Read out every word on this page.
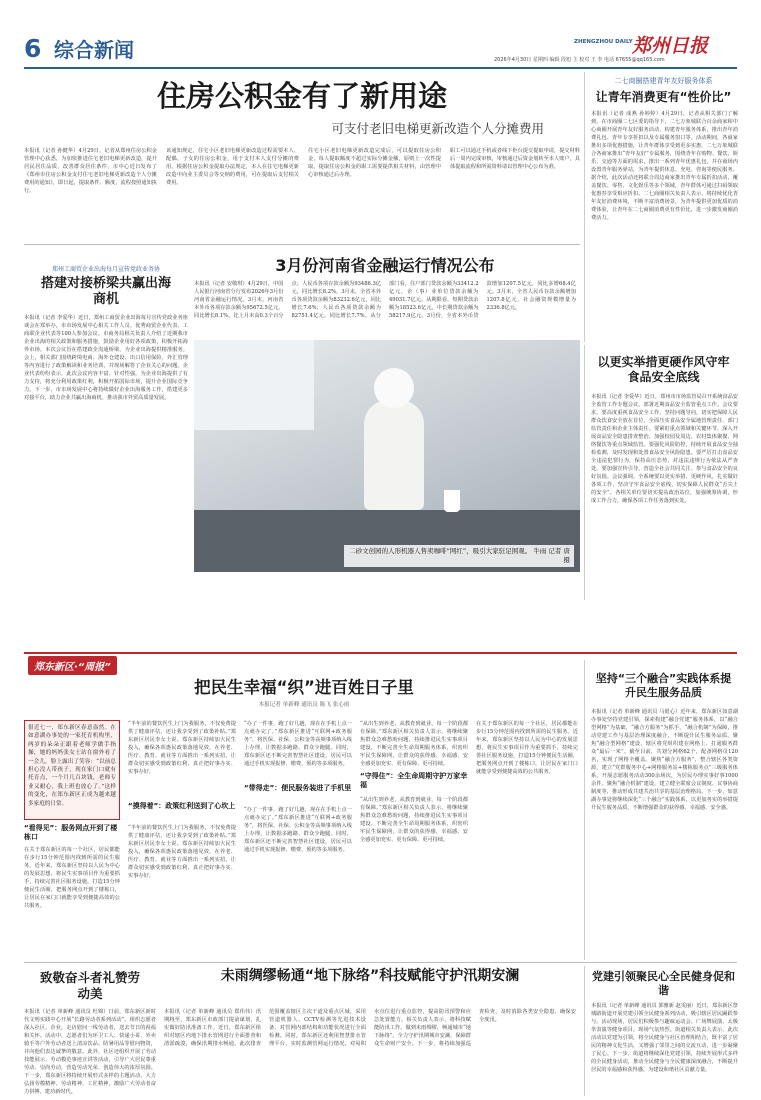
6 综合新闻	ZHENGZHOU DAILY 郑州日报
2026年4月30日 星期四 编辑 段旭 主 校对 王 李 电话 67655@qq165.com
住房公积金有了新用途
可支付老旧电梯更新改造个人分摊费用
本报讯（记者 孙健华）4月29日，记者从郑州住房公积金管理中心获悉，为加快推进住宅老旧电梯更新改造，提升居民居住品质，改善群众居住条件，市中心近日发布了《郑州市住房公积金支付住宅老旧电梯更新改造个人分摊费用的通知》，即日起，提取条件、额度、流程按照通知执行。
该通知规定，住宅小区老旧电梯更新改造过程需要本人、配偶、子女的住房公积金，用于支付本人支付分摊的费用。根据住房公积金提取办法规定，本人在住宅电梯更新改造中向业主委员会等交纳的费用，可在提取后支付相关费用。
住宅小区老旧电梯更新改造完成后，可以提取住房公积金，每人提取额度不超过实际分摊金额，原则上一次性提取。提取住房公积金的职工需要提供相关材料，由管理中心审核通过后办理。
职工可以通过手机或者线下柜台提交提取申请，提交材料后一周内完成审核，审核通过后资金划转至本人账户，具体提取流程和所需资料请以管理中心公布为准。
二七商圈搭建青年友好服务体系
让青年消费更有“性价比”
本报讯（记者 成燕 孙婷婷）4月29日，记者从相关部门了解到，在市商圈二七区委的指导下，二七万象城联合百余商家和中心商圈开展青年友好服务活动，构建青年服务体系，推出青年消费礼包、青年专享折扣以及专属服务窗口等。活动期间，各商家推出多项优惠措施，让青年群体享受到更多实惠。二七万象城联合各商家推出“青年友好”专属服务，围绕青年在购物、餐饮、娱乐、交通等方面的需求，推出一系列青年优惠礼包，并在商场内设置青年服务驿站，为青年提供休息、充电、咨询等便民服务。据介绍，此次活动还将联合周边商家推出青年专属折扣活动，覆盖餐饮、零售、文化娱乐等多个领域，青年群体可通过扫码领取优惠券享受相应折扣。二七商圈相关负责人表示，将持续优化青年友好消费环境，不断丰富消费场景，为青年提供更加优质的消费体验，让青年在二七商圈消费更有性价比，进一步激发商圈消费活力。
郑州工商贸企业出海每月宣传党政业务协
搭建对接桥梁共赢出海商机
本报讯（记者 李爱华）近日，郑州工商贸企业出海每月宣传党政业务座谈会在郑举办。市市场发展中心相关工作人员、优秀商贸企业代表、工商联企业代表等100人参加会议。市商务局相关负责人介绍了近期我市企业出海的相关政策和服务措施，鼓励企业用好各项政策，积极开拓海外市场。本次会议旨在搭建政企沟通桥梁，为企业出海提供精准服务。会上，相关部门围绕跨境电商、海外仓建设、出口信用保险、外汇管理等内容进行了政策解读和业务培训，并现场解答了企业关心的问题。企业代表纷纷表示，此次会议内容丰富、针对性强，为企业出海提供了有力支持，将充分利用政策红利，积极开拓国际市场，提升企业国际竞争力。下一步，市市场发展中心将持续做好企业出海服务工作，搭建更多对接平台，助力企业共赢出海商机，推动我市外贸高质量发展。
3月份河南省金融运行情况公布
本报讯（记者 安敬琪）4月29日，中国人民银行河南省分行发布2026年3月份河南省金融运行情况。3月末，河南省本外币各项存款余额为95672.5亿元，同比增长8.1%，比上月末高0.3个百分点；人民币各项存款余额为93486.3亿元，同比增长8.2%。3月末，全省本外币各项贷款余额为83232.6亿元，同比增长7.6%；人民币各项贷款余额为82751.4亿元，同比增长7.7%。从分部门看，住户部门贷款余额为33412.2亿元，企（事）业单位贷款余额为49031.7亿元。从期限看，短期贷款余额为18523.6亿元，中长期贷款余额为58217.9亿元。3月份，全省本外币贷款增加1207.5亿元，同比多增68.4亿元。3月末，全省人民币存款余额增加1207.8亿元，社会融资规模增量为2336.8亿元。
二砂文创园的人形机器人售卖咖啡“网红”，吸引大家驻足围观。 牛雨 记者 唐 摄
以更实举措更硬作风守牢食品安全底线
本报讯（记者 李爱华）近日，郑州市市场监管局召开系统食品安全监管工作专题会议，部署近期食品安全监管重点工作。会议要求，要高度重视食品安全工作，坚持问题导向，切实把保障人民群众饮食安全放在首位，全面压实食品安全属地管理责任、部门监管责任和企业主体责任。要紧盯重点领域和关键环节，深入开展食品安全隐患排查整治，加强校园及周边、农村集体聚餐、网络餐饮等重点领域监管。要强化风险防控，持续开展食品安全抽检监测，及时发现和处置食品安全风险隐患。要严厉打击食品安全违法犯罪行为，保持高压态势，对违法违规行为依法从严查处。要加强宣传引导，营造全社会共同关注、参与食品安全的良好氛围。会议强调，全系统要以更实举措、更硬作风，扎实做好各项工作，坚决守牢食品安全底线，切实保障人民群众“舌尖上的安全”。各相关单位要切实提高政治站位，加强统筹协调，形成工作合力，确保各项工作任务落到实处。
郑东新区·“周报”
把民生幸福“织”进百姓日子里
本报记者 单新峰 通讯员 陈飞 张心雨
很近七一，郑东新区春意盎然。在如意湖办事处的一家托育机构里，两岁的朵朵正跟着老师学做手指操，她的妈妈张女士站在窗外看了一会儿，脸上露出了笑容：“以前总担心没人带孩子，现在家门口就有托育点，一个月几百块钱，老师专业又耐心，我上班也放心了。”这样的变化，在郑东新区正成为越来越多家庭的日常。
“看得见”：服务网点开到了楼栋口
在关于郑东新区的每一个社区，居民都能在步行15分钟范围内找到所需的民生服务。近年来，郑东新区坚持以人民为中心的发展思想，将民生实事项目作为重要抓手，持续完善社区服务设施，打造15分钟便民生活圈，把服务网点开到了楼栋口，让居民在家门口就能享受到便捷高效的公共服务。
“半年前的餐饮医生上门为我服务，不仅免费提供了健康评估，还让我享受到了政策补贴。”郑东新区居民李女士说。郑东新区持续加大民生投入，确保各项惠民政策落地见效，在养老、医疗、教育、就业等方面推出一系列实招，让群众切实感受到政策红利，真正把好事办实、实事办好。
“摸得着”：政策红利送到了心坎上
“半年前的餐饮医生上门为我服务，不仅免费提供了健康评估，还让我享受到了政策补贴。”郑东新区居民李女士说。郑东新区持续加大民生投入，确保各项惠民政策落地见效，在养老、医疗、教育、就业等方面推出一系列实招，让群众切实感受到政策红利，真正把好事办实、实事办好。
“办了一件事，跑了好几趟，现在在手机上点一点就办完了。”郑东新区推进“互联网+政务服务”，将医保、社保、公积金等高频事项纳入线上办理，让数据多跑路、群众少跑腿。同时，郑东新区还不断完善智慧社区建设，居民可以通过手机实现报修、缴费、预约等多项服务。
“带得走”：便民服务装进了手机里
“办了一件事，跑了好几趟，现在在手机上点一点就办完了。”郑东新区推进“互联网+政务服务”，将医保、社保、公积金等高频事项纳入线上办理，让数据多跑路、群众少跑腿。同时，郑东新区还不断完善智慧社区建设，居民可以通过手机实现报修、缴费、预约等多项服务。
“从出生到养老，从教育到就业，每一个阶段都有保障。”郑东新区相关负责人表示，将继续聚焦群众急难愁盼问题，持续推进民生实事项目建设，不断完善全生命周期服务体系，织密织牢民生保障网，让群众的获得感、幸福感、安全感更加充实、更有保障、更可持续。
“守得住”：全生命周期守护万家幸福
“从出生到养老，从教育到就业，每一个阶段都有保障。”郑东新区相关负责人表示，将继续聚焦群众急难愁盼问题，持续推进民生实事项目建设，不断完善全生命周期服务体系，织密织牢民生保障网，让群众的获得感、幸福感、安全感更加充实、更有保障、更可持续。
在关于郑东新区的每一个社区，居民都能在步行15分钟范围内找到所需的民生服务。近年来，郑东新区坚持以人民为中心的发展思想，将民生实事项目作为重要抓手，持续完善社区服务设施，打造15分钟便民生活圈，把服务网点开到了楼栋口，让居民在家门口就能享受到便捷高效的公共服务。
坚持“三个融合”实践体系提升民生服务品质
本报讯（记者 单新峰 通讯员 马银心）近年来，郑东新区如意湖办事处坚持党建引领，探索构建“融合党建”服务体系，以“融合型网格”为基础，“融合方服务”为抓手，“融合机制”为保障，推动党建工作与基层治理深度融合，不断提升民生服务品质。聚焦“融合型网格”建设，辖区将党组织建在网格上，打通服务群众“最后一米”。截至目前，共划分网格62个，配备网格员120名，实现了网格全覆盖。聚焦“融合方服务”，整合辖区各类资源，建立“党群服务中心+网格服务站+楼栋服务点”三级服务体系，开展志愿服务活动300余场次，为居民办理实事好事1000余件。聚焦“融合机制”建设，建立健全联席会议制度、议事协商制度等，推动形成共建共治共享的基层治理格局。下一步，如意湖办事处将继续深化“三个融合”实践体系，以更加务实的举措提升民生服务品质，不断增强群众的获得感、幸福感、安全感。
致敬奋斗者礼赞劳动美
本报讯（记者 单新峰 通讯员 杜锦）日前，郑东新区新时代文明实践中心开展“长路劳动者系列活动”，组织志愿者深入社区、企业，走访慰问一线劳动者，送去节日的祝福和关怀。活动中，志愿者们为环卫工人、快递小哥、外卖骑手等户外劳动者送上清凉饮品、防暑用品等慰问物资，并向他们表达诚挚的敬意。此外，社区还组织开展了劳动技能展示、劳动模范事迹宣讲等活动，引导广大居民尊重劳动、崇尚劳动，营造劳动光荣、创造伟大的浓厚氛围。下一步，郑东新区将持续开展形式多样的主题活动，大力弘扬劳模精神、劳动精神、工匠精神，激励广大劳动者奋力拼搏、建功新时代。
未雨绸缪畅通“地下脉络”科技赋能守护汛期安澜
本报讯（记者 单新峰 通讯员 郑伟伟）汛期将至，郑东新区市政部门提前谋划，扎实做好防汛准备工作。近日，郑东新区组织对辖区内地下排水管网进行全面排查和清淤疏浚，确保汛期排水畅通。此次排查范围覆盖辖区主次干道及重点区域，采用管道机器人、CCTV检测等先进技术设备，对管网内部结构和功能状况进行全面检测。同时，郑东新区还利用智慧排水管理平台，实时监测管网运行情况，对易积水点位进行重点监控，提高防汛预警和应急处置能力。相关负责人表示，将科技赋能防汛工作，做到未雨绸缪，畅通城市“地下脉络”，全力守护汛期城市安澜，保障群众生命财产安全。下一步，将持续加强巡查检查，及时消除各类安全隐患，确保安全度汛。
党建引领聚民心全民健身促和谐
本报讯（记者 单新峰 通讯员 郭雅新 赵雯丽）近日，郑东新区祭城路街道开展党建引领全民健身系列活动，吸引辖区居民踊跃参与。活动现场，居民们积极参与趣味运动会、广场舞展演、太极拳表演等健身项目，现场气氛热烈。街道相关负责人表示，此次活动以党建为引领，将全民健身与社区治理相结合，既丰富了居民的精神文化生活，又增强了邻里之间的交流互动，进一步凝聚了民心。下一步，街道将继续深化党建引领，持续开展形式多样的全民健身活动，推动全民健身与全民健康深度融合，不断提升居民的幸福感和获得感，为建设和谐社区贡献力量。
